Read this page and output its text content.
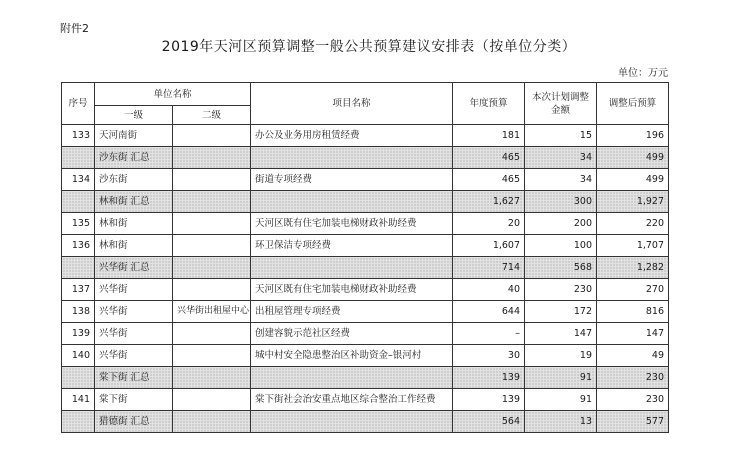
附件2
2019年天河区预算调整一般公共预算建议安排表（按单位分类）
单位：万元
序号	单位名称		项目名称	年度预算	本次计划调整金额	调整后预算
	一级	二级				
133	天河南街		办公及业务用房租赁经费	181	15	196
	沙东街 汇总			465	34	499
134	沙东街		街道专项经费	465	34	499
	林和街 汇总			1,627	300	1,927
135	林和街		天河区既有住宅加装电梯财政补助经费	20	200	220
136	林和街		环卫保洁专项经费	1,607	100	1,707
	兴华街 汇总			714	568	1,282
137	兴华街		天河区既有住宅加装电梯财政补助经费	40	230	270
138	兴华街	兴华街出租屋中心	出租屋管理专项经费	644	172	816
139	兴华街		创建容貌示范社区经费	–	147	147
140	兴华街		城中村安全隐患整治区补助资金–银河村	30	19	49
	棠下街 汇总			139	91	230
141	棠下街		棠下街社会治安重点地区综合整治工作经费	139	91	230
	猎德街 汇总			564	13	577
